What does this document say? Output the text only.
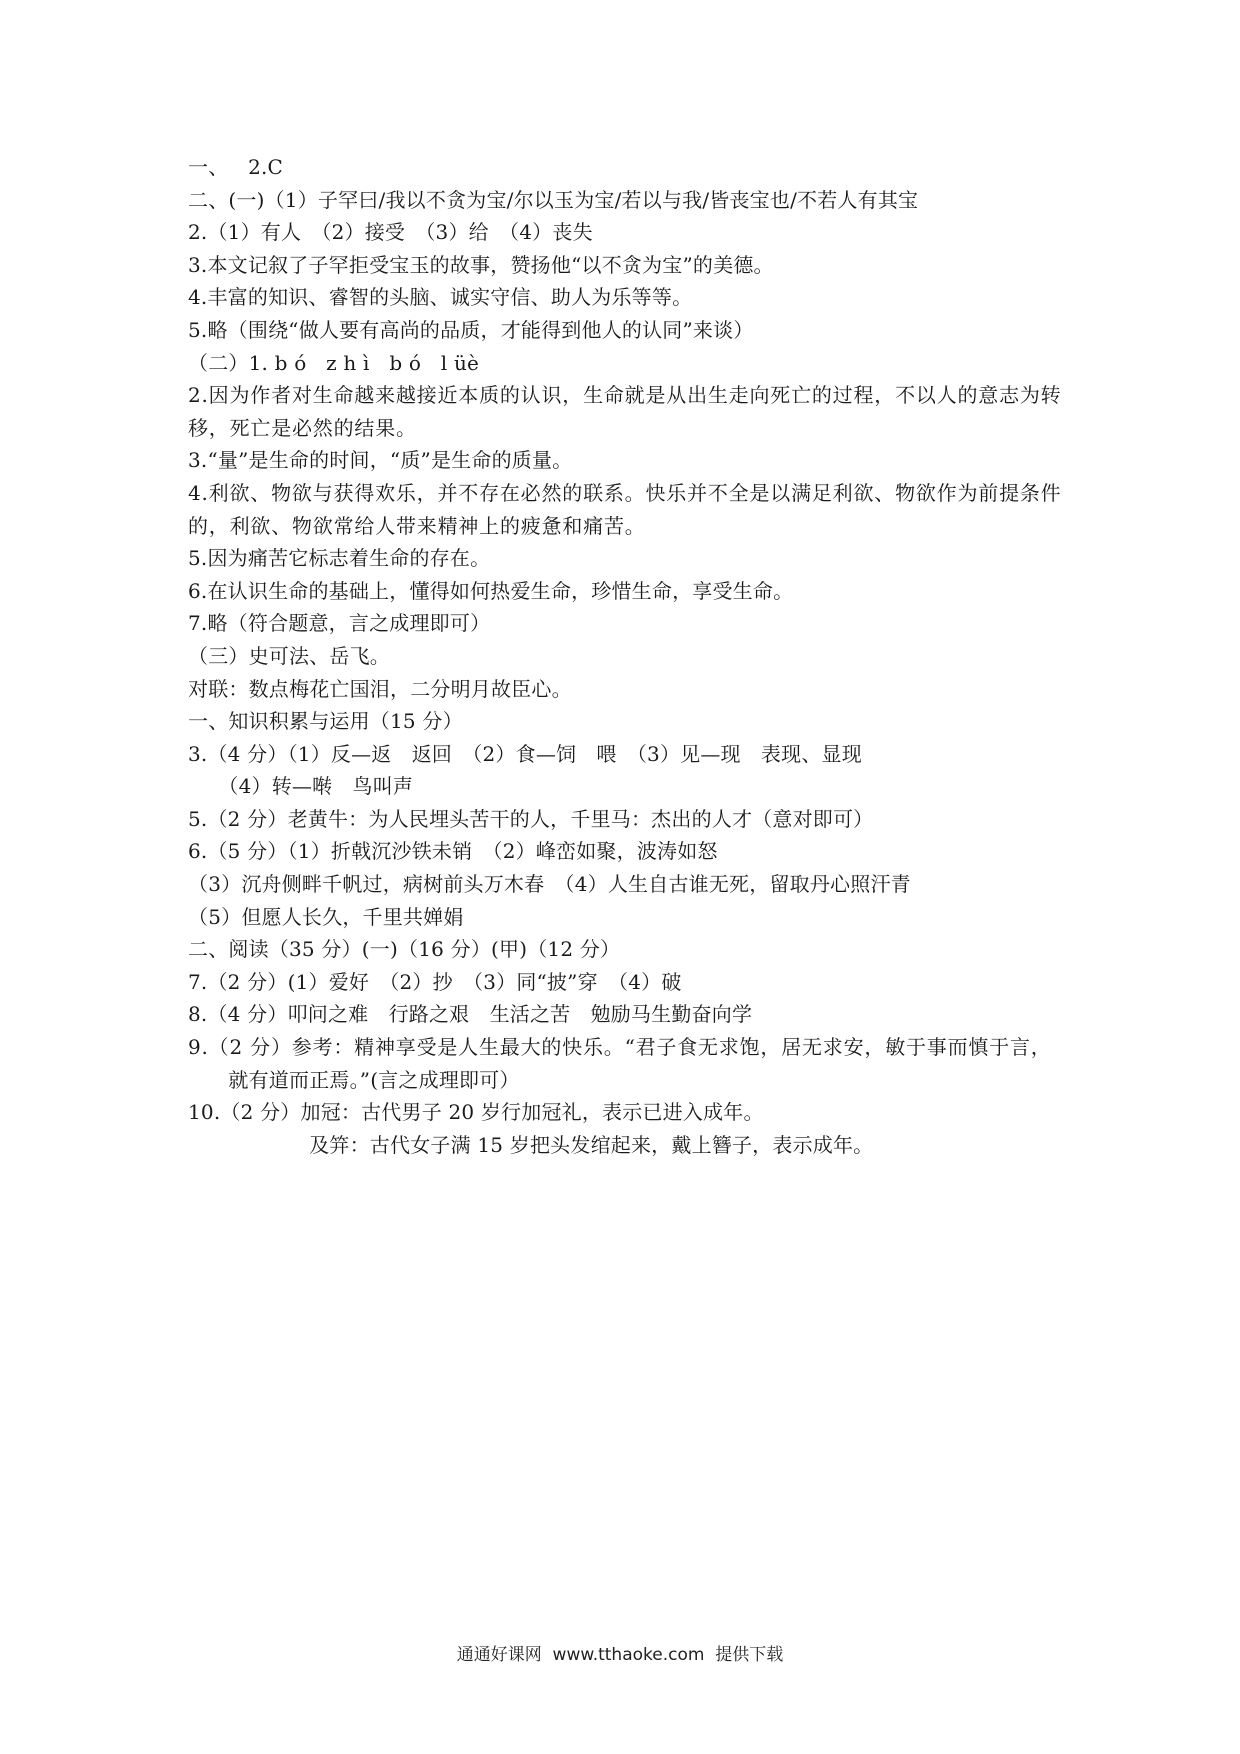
一、   2.C
二、(一)（1）子罕曰/我以不贪为宝/尔以玉为宝/若以与我/皆丧宝也/不若人有其宝
2.（1）有人　（2）接受　（3）给　（4）丧失
3.本文记叙了子罕拒受宝玉的故事，赞扬他“以不贪为宝”的美德。
4.丰富的知识、睿智的头脑、诚实守信、助人为乐等等。
5.略（围绕“做人要有高尚的品质，才能得到他人的认同”来谈）
（二）1. b ó   z h ì   b ó   l üè
2.因为作者对生命越来越接近本质的认识，生命就是从出生走向死亡的过程，不以人的意志为转移，死亡是必然的结果。
3.“量”是生命的时间，“质”是生命的质量。
4.利欲、物欲与获得欢乐，并不存在必然的联系。快乐并不全是以满足利欲、物欲作为前提条件的，利欲、物欲常给人带来精神上的疲惫和痛苦。
5.因为痛苦它标志着生命的存在。
6.在认识生命的基础上，懂得如何热爱生命，珍惜生命，享受生命。
7.略（符合题意，言之成理即可）
（三）史可法、岳飞。
对联：数点梅花亡国泪，二分明月故臣心。
一、知识积累与运用（15 分）
3.（4 分）（1）反—返　返回　（2）食—饲　喂　（3）见—现　表现、显现
　　（4）转—啭　鸟叫声
5.（2 分）老黄牛：为人民埋头苦干的人，千里马：杰出的人才（意对即可）
6.（5 分）（1）折戟沉沙铁未销　（2）峰峦如聚，波涛如怒
（3）沉舟侧畔千帆过，病树前头万木春　（4）人生自古谁无死，留取丹心照汗青
（5）但愿人长久，千里共婵娟
二、阅读（35 分）(一)（16 分）(甲)（12 分）
7.（2 分）(1）爱好　（2）抄　（3）同“披”穿　（4）破
8.（4 分）叩问之难　行路之艰　生活之苦　勉励马生勤奋向学
9.（2 分）参考：精神享受是人生最大的快乐。“君子食无求饱，居无求安，敏于事而慎于言，
　　就有道而正焉。”(言之成理即可）
10.（2 分）加冠：古代男子 20 岁行加冠礼，表示已进入成年。
　　　　　　及笄：古代女子满 15 岁把头发绾起来，戴上簪子，表示成年。
通通好课网  www.tthaoke.com  提供下载
